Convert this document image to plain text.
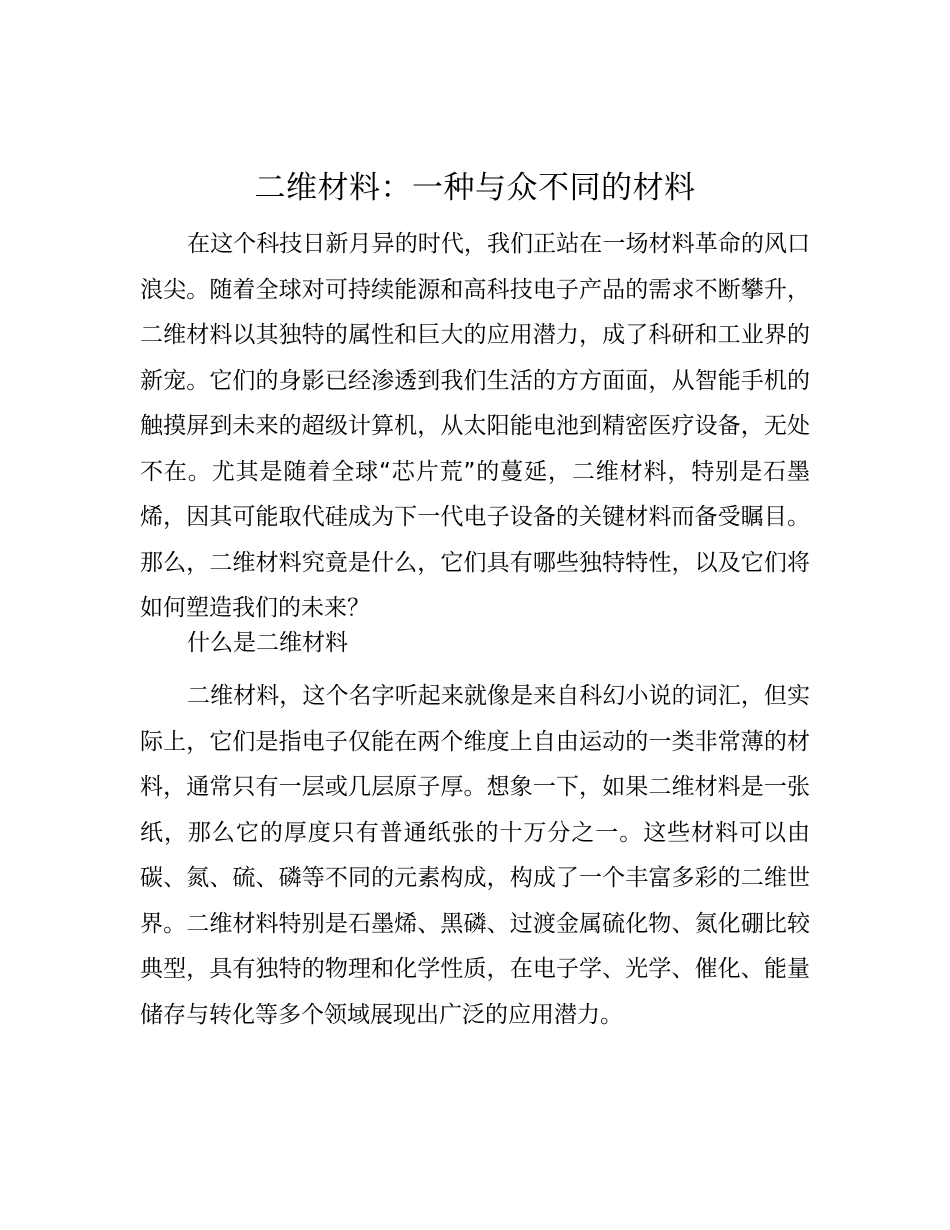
二维材料：一种与众不同的材料

在这个科技日新月异的时代，我们正站在一场材料革命的风口浪尖。随着全球对可持续能源和高科技电子产品的需求不断攀升，二维材料以其独特的属性和巨大的应用潜力，成了科研和工业界的新宠。它们的身影已经渗透到我们生活的方方面面，从智能手机的触摸屏到未来的超级计算机，从太阳能电池到精密医疗设备，无处不在。尤其是随着全球“芯片荒”的蔓延，二维材料，特别是石墨烯，因其可能取代硅成为下一代电子设备的关键材料而备受瞩目。那么，二维材料究竟是什么，它们具有哪些独特特性，以及它们将如何塑造我们的未来？

什么是二维材料

二维材料，这个名字听起来就像是来自科幻小说的词汇，但实际上，它们是指电子仅能在两个维度上自由运动的一类非常薄的材料，通常只有一层或几层原子厚。想象一下，如果二维材料是一张纸，那么它的厚度只有普通纸张的十万分之一。这些材料可以由碳、氮、硫、磷等不同的元素构成，构成了一个丰富多彩的二维世界。二维材料特别是石墨烯、黑磷、过渡金属硫化物、氮化硼比较典型，具有独特的物理和化学性质，在电子学、光学、催化、能量储存与转化等多个领域展现出广泛的应用潜力。
